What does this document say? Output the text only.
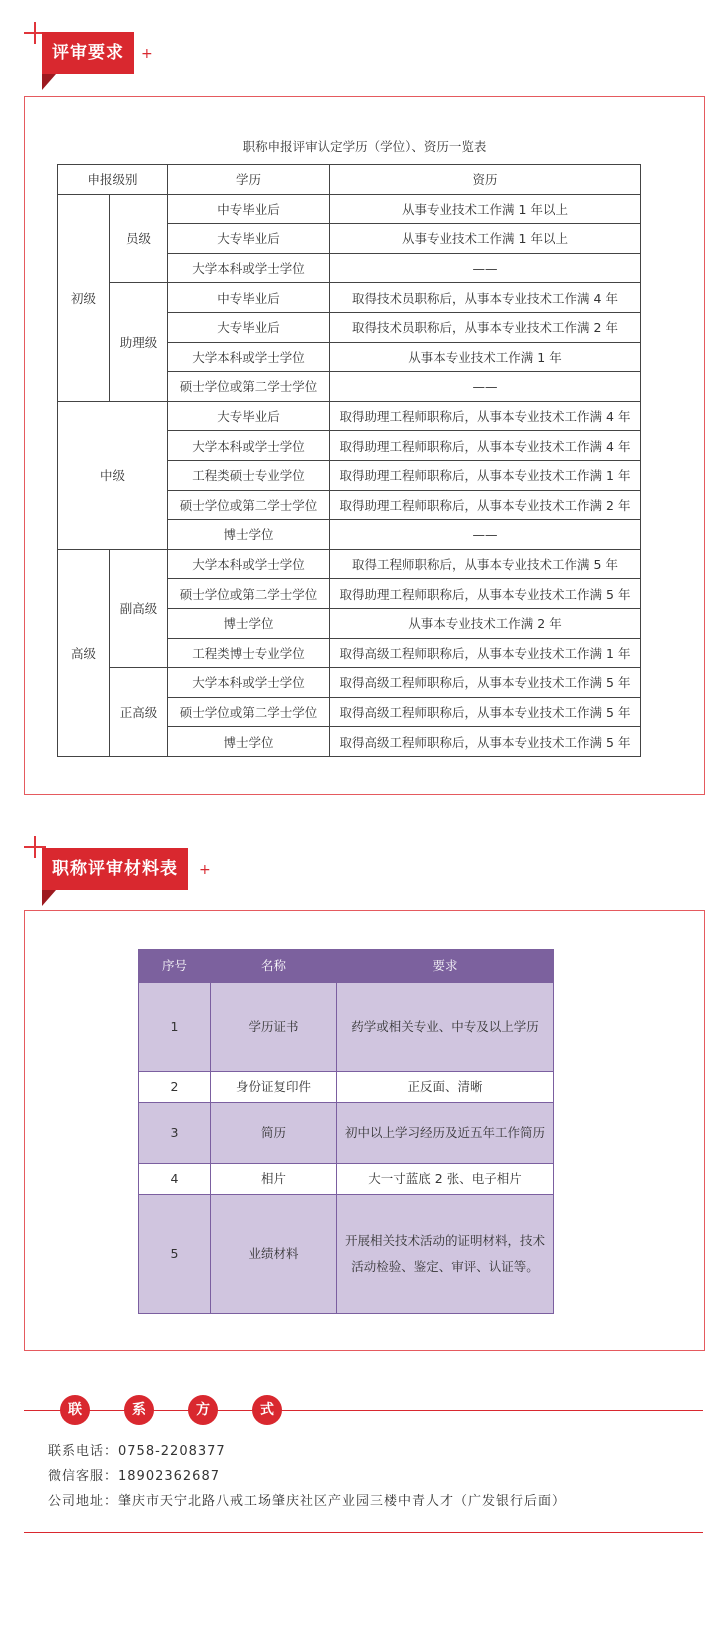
评审要求	+
职称申报评审认定学历（学位）、资历一览表
申报级别		学历	资历
初级	员级	中专毕业后	从事专业技术工作满 1 年以上
		大专毕业后	从事专业技术工作满 1 年以上
		大学本科或学士学位	——
	助理级	中专毕业后	取得技术员职称后，从事本专业技术工作满 4 年
		大专毕业后	取得技术员职称后，从事本专业技术工作满 2 年
		大学本科或学士学位	从事本专业技术工作满 1 年
		硕士学位或第二学士学位	——
中级		大专毕业后	取得助理工程师职称后，从事本专业技术工作满 4 年
		大学本科或学士学位	取得助理工程师职称后，从事本专业技术工作满 4 年
		工程类硕士专业学位	取得助理工程师职称后，从事本专业技术工作满 1 年
		硕士学位或第二学士学位	取得助理工程师职称后，从事本专业技术工作满 2 年
		博士学位	——
高级	副高级	大学本科或学士学位	取得工程师职称后，从事本专业技术工作满 5 年
		硕士学位或第二学士学位	取得助理工程师职称后，从事本专业技术工作满 5 年
		博士学位	从事本专业技术工作满 2 年
		工程类博士专业学位	取得高级工程师职称后，从事本专业技术工作满 1 年
	正高级	大学本科或学士学位	取得高级工程师职称后，从事本专业技术工作满 5 年
		硕士学位或第二学士学位	取得高级工程师职称后，从事本专业技术工作满 5 年
		博士学位	取得高级工程师职称后，从事本专业技术工作满 5 年
职称评审材料表	+
序号	名称	要求
1	学历证书	药学或相关专业、中专及以上学历
2	身份证复印件	正反面、清晰
3	简历	初中以上学习经历及近五年工作简历
4	相片	大一寸蓝底 2 张、电子相片
5	业绩材料	开展相关技术活动的证明材料，技术活动检验、鉴定、审评、认证等。
联	系	方	式
联系电话：0758-2208377
微信客服：18902362687
公司地址：肇庆市天宁北路八戒工场肇庆社区产业园三楼中青人才（广发银行后面）
